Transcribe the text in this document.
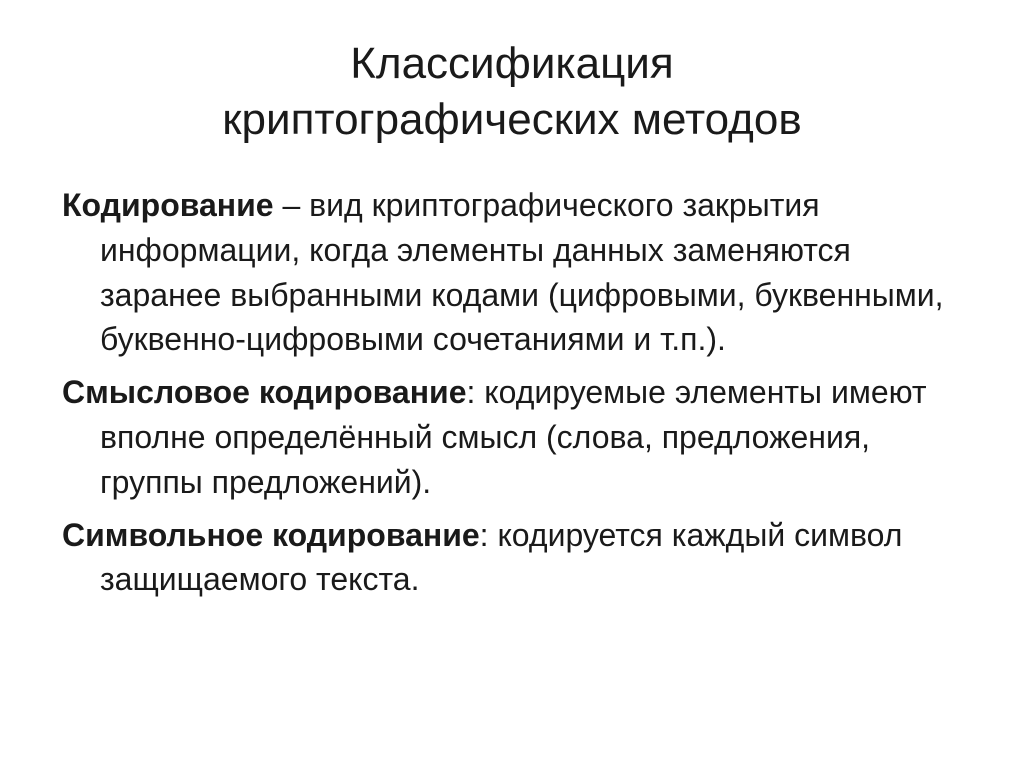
Классификация
криптографических методов

Кодирование – вид криптографического закрытия информации, когда элементы данных заменяются заранее выбранными кодами (цифровыми, буквенными, буквенно-цифровыми сочетаниями и т.п.).

Смысловое кодирование: кодируемые элементы имеют вполне определённый смысл (слова, предложения, группы предложений).

Символьное кодирование: кодируется каждый символ защищаемого текста.
